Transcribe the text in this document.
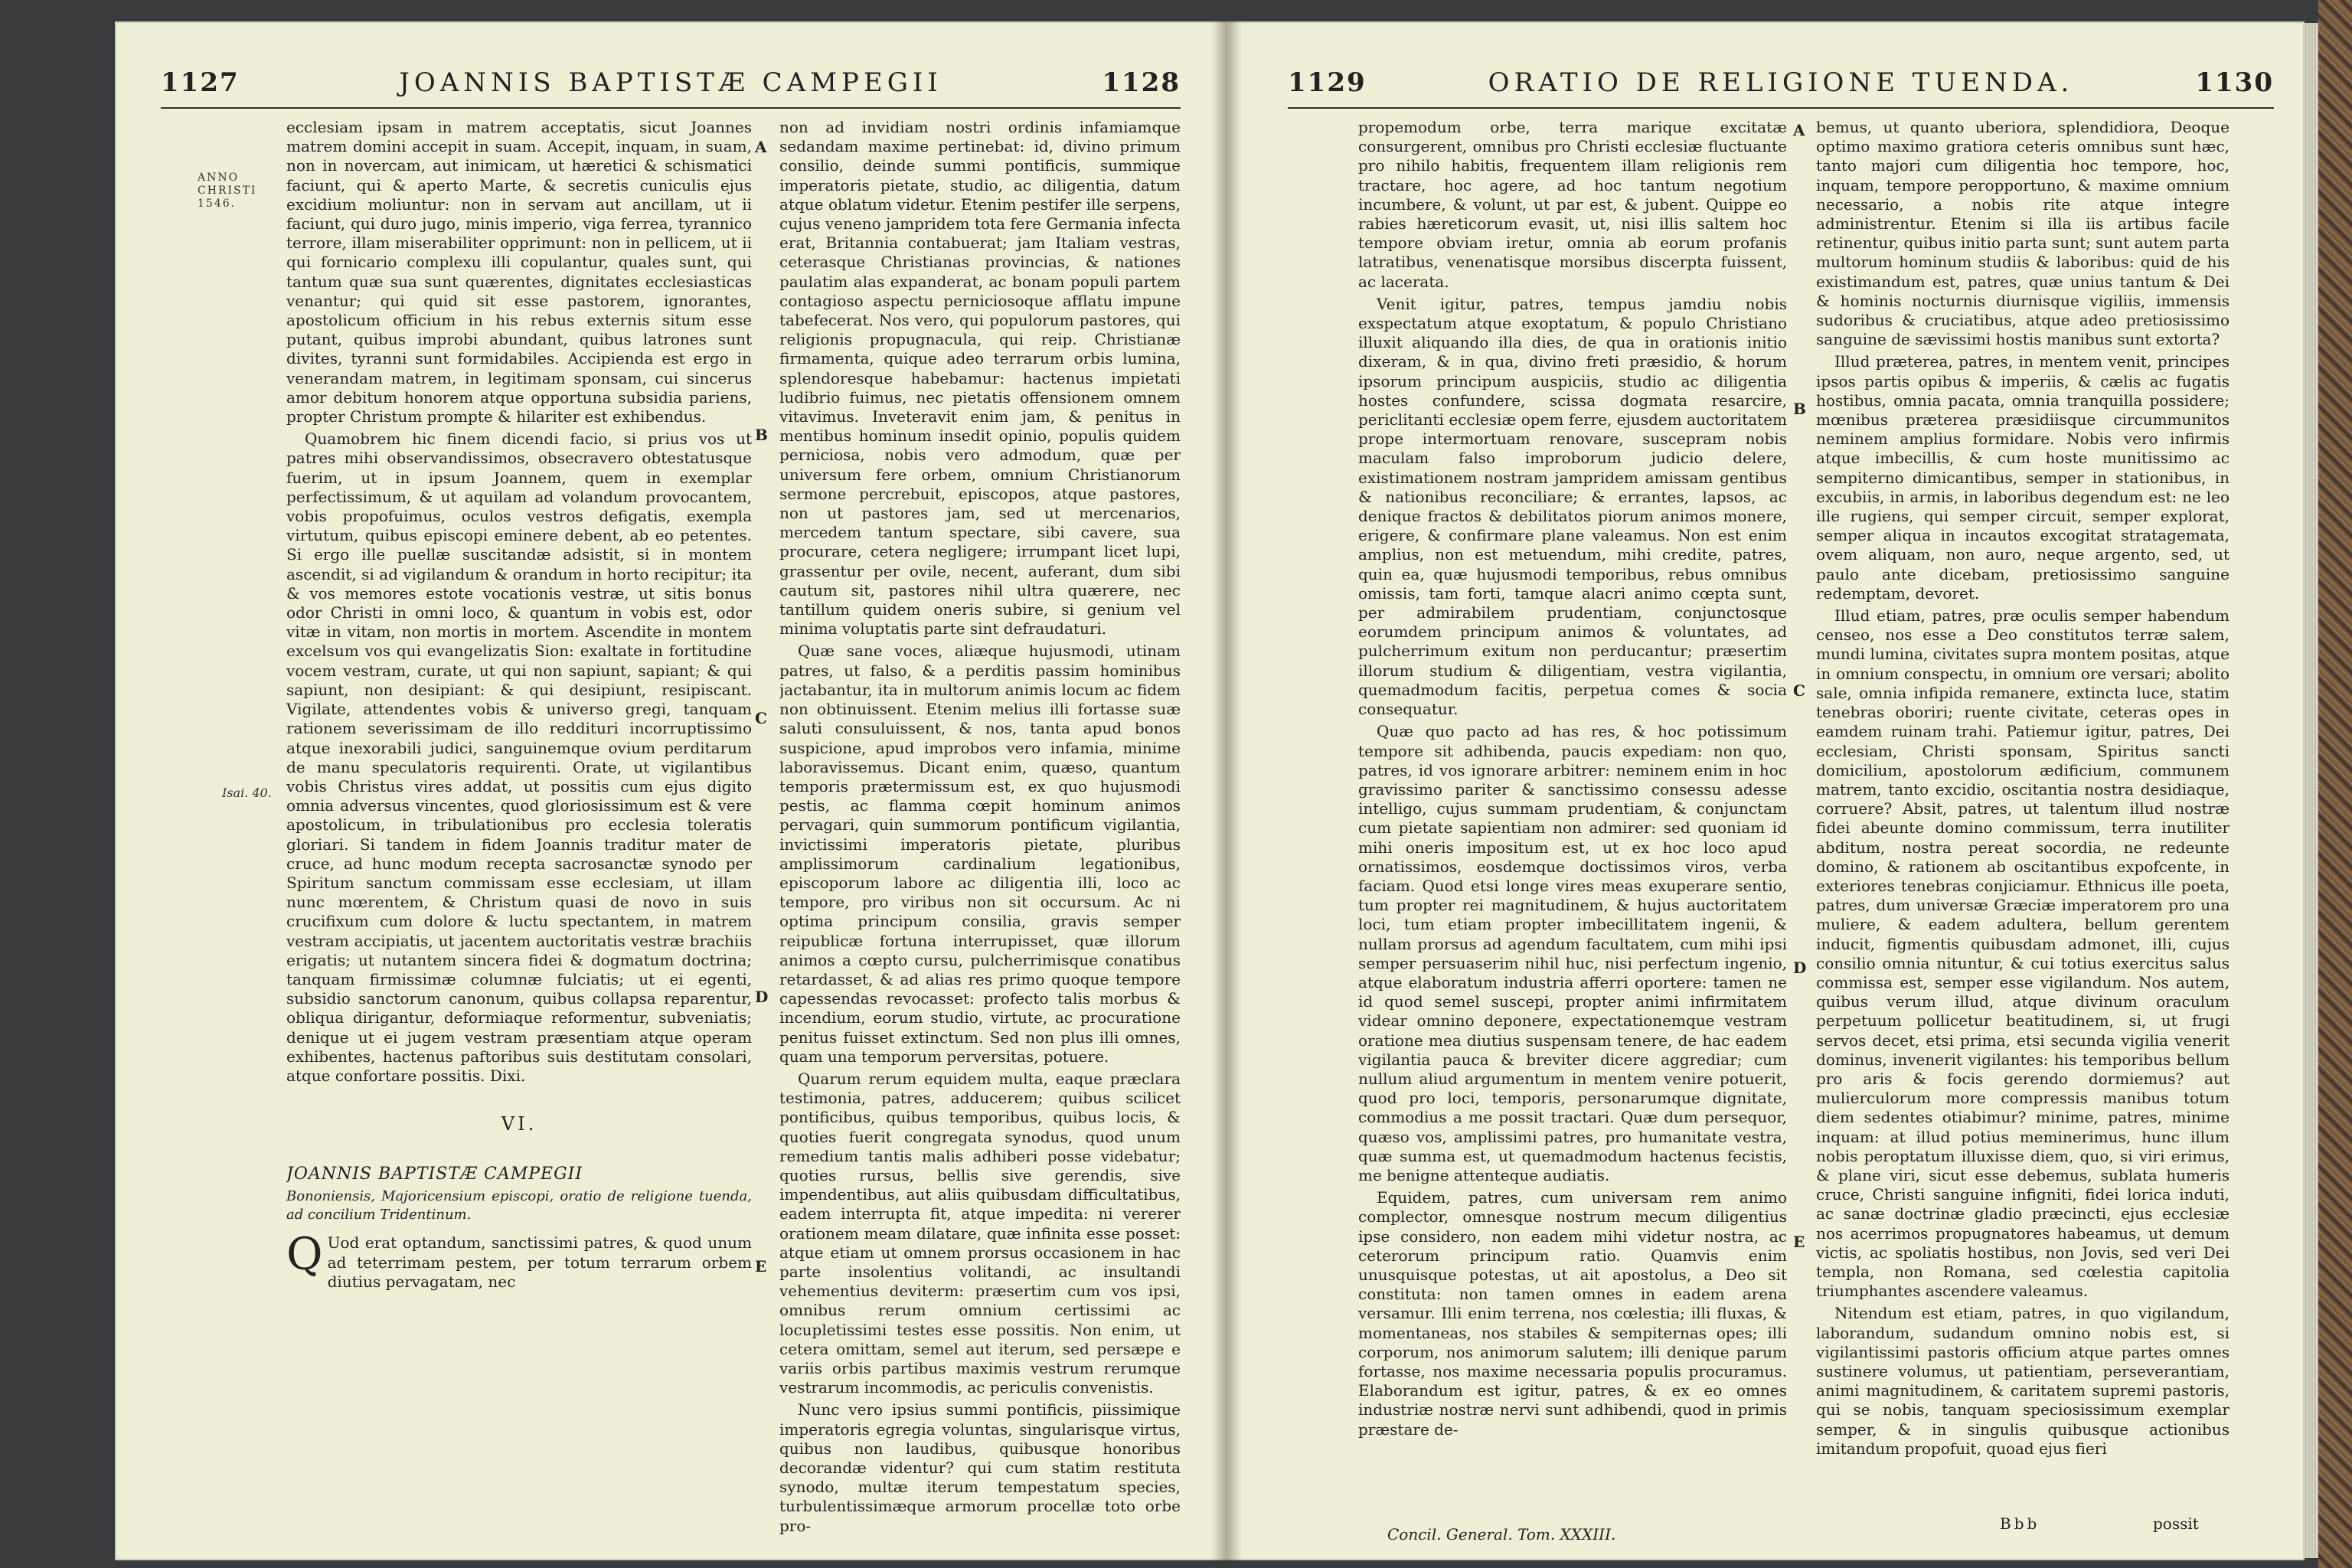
1127	JOANNIS BAPTISTÆ CAMPEGII	1128
ANNO
CHRISTI
1546.
Isai. 40.

ecclesiam ipsam in matrem acceptatis, sicut Joannes matrem domini accepit in suam. Accepit, inquam, in suam, non in novercam, aut inimicam, ut hæretici & schismatici faciunt, qui & aperto Marte, & secretis cuniculis ejus excidium moliuntur: non in servam aut ancillam, ut ii faciunt, qui duro jugo, minis imperio, viga ferrea, tyrannico terrore, illam miserabiliter opprimunt: non in pellicem, ut ii qui fornicario complexu illi copulantur, quales sunt, qui tantum quæ sua sunt quærentes, dignitates ecclesiasticas venantur; qui quid sit esse pastorem, ignorantes, apostolicum officium in his rebus externis situm esse putant, quibus improbi abundant, quibus latrones sunt divites, tyranni sunt formidabiles. Accipienda est ergo in venerandam matrem, in legitimam sponsam, cui sincerus amor debitum honorem atque opportuna subsidia pariens, propter Christum prompte & hilariter est exhibendus.

Quamobrem hic finem dicendi facio, si prius vos ut patres mihi observandissimos, obsecravero obtestatusque fuerim, ut in ipsum Joannem, quem in exemplar perfectissimum, & ut aquilam ad volandum provocantem, vobis propofuimus, oculos vestros defigatis, exempla virtutum, quibus episcopi eminere debent, ab eo petentes. Si ergo ille puellæ suscitandæ adsistit, si in montem ascendit, si ad vigilandum & orandum in horto recipitur; ita & vos memores estote vocationis vestræ, ut sitis bonus odor Christi in omni loco, & quantum in vobis est, odor vitæ in vitam, non mortis in mortem. Ascendite in montem excelsum vos qui evangelizatis Sion: exaltate in fortitudine vocem vestram, curate, ut qui non sapiunt, sapiant; & qui sapiunt, non desipiant: & qui desipiunt, resipiscant. Vigilate, attendentes vobis & universo gregi, tanquam rationem severissimam de illo reddituri incorruptissimo atque inexorabili judici, sanguinemque ovium perditarum de manu speculatoris requirenti. Orate, ut vigilantibus vobis Christus vires addat, ut possitis cum ejus digito omnia adversus vincentes, quod gloriosissimum est & vere apostolicum, in tribulationibus pro ecclesia toleratis gloriari. Si tandem in fidem Joannis traditur mater de cruce, ad hunc modum recepta sacrosanctæ synodo per Spiritum sanctum commissam esse ecclesiam, ut illam nunc mœrentem, & Christum quasi de novo in suis crucifixum cum dolore & luctu spectantem, in matrem vestram accipiatis, ut jacentem auctoritatis vestræ brachiis erigatis; ut nutantem sincera fidei & dogmatum doctrina; tanquam firmissimæ columnæ fulciatis; ut ei egenti, subsidio sanctorum canonum, quibus collapsa reparentur, obliqua dirigantur, deformiaque reformentur, subveniatis; denique ut ei jugem vestram præsentiam atque operam exhibentes, hactenus paftoribus suis destitutam consolari, atque confortare possitis. Dixi.

VI.
JOANNIS BAPTISTÆ CAMPEGII
Bononiensis, Majoricensium episcopi, oratio de religione tuenda, ad concilium Tridentinum.

Q Uod erat optandum, sanctissimi patres, & quod unum ad teterrimam pestem, per totum terrarum orbem diutius pervagatam, nec

A
B
C
D
E

non ad invidiam nostri ordinis infamiamque sedandam maxime pertinebat: id, divino primum consilio, deinde summi pontificis, summique imperatoris pietate, studio, ac diligentia, datum atque oblatum videtur. Etenim pestifer ille serpens, cujus veneno jampridem tota fere Germania infecta erat, Britannia contabuerat; jam Italiam vestras, ceterasque Christianas provincias, & nationes paulatim alas expanderat, ac bonam populi partem contagioso aspectu perniciosoque afflatu impune tabefecerat. Nos vero, qui populorum pastores, qui religionis propugnacula, qui reip. Christianæ firmamenta, quique adeo terrarum orbis lumina, splendoresque habebamur: hactenus impietati ludibrio fuimus, nec pietatis offensionem omnem vitavimus. Inveteravit enim jam, & penitus in mentibus hominum insedit opinio, populis quidem perniciosa, nobis vero admodum, quæ per universum fere orbem, omnium Christianorum sermone percrebuit, episcopos, atque pastores, non ut pastores jam, sed ut mercenarios, mercedem tantum spectare, sibi cavere, sua procurare, cetera negligere; irrumpant licet lupi, grassentur per ovile, necent, auferant, dum sibi cautum sit, pastores nihil ultra quærere, nec tantillum quidem oneris subire, si genium vel minima voluptatis parte sint defraudaturi.

Quæ sane voces, aliæque hujusmodi, utinam patres, ut falso, & a perditis passim hominibus jactabantur, ita in multorum animis locum ac fidem non obtinuissent. Etenim melius illi fortasse suæ saluti consuluissent, & nos, tanta apud bonos suspicione, apud improbos vero infamia, minime laboravissemus. Dicant enim, quæso, quantum temporis prætermissum est, ex quo hujusmodi pestis, ac flamma cœpit hominum animos pervagari, quin summorum pontificum vigilantia, invictissimi imperatoris pietate, pluribus amplissimorum cardinalium legationibus, episcoporum labore ac diligentia illi, loco ac tempore, pro viribus non sit occursum. Ac ni optima principum consilia, gravis semper reipublicæ fortuna interrupisset, quæ illorum animos a cœpto cursu, pulcherrimisque conatibus retardasset, & ad alias res primo quoque tempore capessendas revocasset: profecto talis morbus & incendium, eorum studio, virtute, ac procuratione penitus fuisset extinctum. Sed non plus illi omnes, quam una temporum perversitas, potuere.

Quarum rerum equidem multa, eaque præclara testimonia, patres, adducerem; quibus scilicet pontificibus, quibus temporibus, quibus locis, & quoties fuerit congregata synodus, quod unum remedium tantis malis adhiberi posse videbatur; quoties rursus, bellis sive gerendis, sive impendentibus, aut aliis quibusdam difficultatibus, eadem interrupta fit, atque impedita: ni vererer orationem meam dilatare, quæ infinita esse posset: atque etiam ut omnem prorsus occasionem in hac parte insolentius volitandi, ac insultandi vehementius deviterm: præsertim cum vos ipsi, omnibus rerum omnium certissimi ac locupletissimi testes esse possitis. Non enim, ut cetera omittam, semel aut iterum, sed persæpe e variis orbis partibus maximis vestrum rerumque vestrarum incommodis, ac periculis convenistis.

Nunc vero ipsius summi pontificis, piissimique imperatoris egregia voluntas, singularisque virtus, quibus non laudibus, quibusque honoribus decorandæ videntur? qui cum statim restituta synodo, multæ iterum tempestatum species, turbulentissimæque armorum procellæ toto orbe pro-

1129	ORATIO DE RELIGIONE TUENDA.	1130

propemodum orbe, terra marique excitatæ consurgerent, omnibus pro Christi ecclesiæ fluctuante pro nihilo habitis, frequentem illam religionis rem tractare, hoc agere, ad hoc tantum negotium incumbere, & volunt, ut par est, & jubent. Quippe eo rabies hæreticorum evasit, ut, nisi illis saltem hoc tempore obviam iretur, omnia ab eorum profanis latratibus, venenatisque morsibus discerpta fuissent, ac lacerata.

Venit igitur, patres, tempus jamdiu nobis exspectatum atque exoptatum, & populo Christiano illuxit aliquando illa dies, de qua in orationis initio dixeram, & in qua, divino freti præsidio, & horum ipsorum principum auspiciis, studio ac diligentia hostes confundere, scissa dogmata resarcire, periclitanti ecclesiæ opem ferre, ejusdem auctoritatem prope intermortuam renovare, suscepram nobis maculam falso improborum judicio delere, existimationem nostram jampridem amissam gentibus & nationibus reconciliare; & errantes, lapsos, ac denique fractos & debilitatos piorum animos monere, erigere, & confirmare plane valeamus. Non est enim amplius, non est metuendum, mihi credite, patres, quin ea, quæ hujusmodi temporibus, rebus omnibus omissis, tam forti, tamque alacri animo cœpta sunt, per admirabilem prudentiam, conjunctosque eorumdem principum animos & voluntates, ad pulcherrimum exitum non perducantur; præsertim illorum studium & diligentiam, vestra vigilantia, quemadmodum facitis, perpetua comes & socia consequatur.

Quæ quo pacto ad has res, & hoc potissimum tempore sit adhibenda, paucis expediam: non quo, patres, id vos ignorare arbitrer: neminem enim in hoc gravissimo pariter & sanctissimo consessu adesse intelligo, cujus summam prudentiam, & conjunctam cum pietate sapientiam non admirer: sed quoniam id mihi oneris impositum est, ut ex hoc loco apud ornatissimos, eosdemque doctissimos viros, verba faciam. Quod etsi longe vires meas exuperare sentio, tum propter rei magnitudinem, & hujus auctoritatem loci, tum etiam propter imbecillitatem ingenii, & nullam prorsus ad agendum facultatem, cum mihi ipsi semper persuaserim nihil huc, nisi perfectum ingenio, atque elaboratum industria afferri oportere: tamen ne id quod semel suscepi, propter animi infirmitatem videar omnino deponere, expectationemque vestram oratione mea diutius suspensam tenere, de hac eadem vigilantia pauca & breviter dicere aggrediar; cum nullum aliud argumentum in mentem venire potuerit, quod pro loci, temporis, personarumque dignitate, commodius a me possit tractari. Quæ dum persequor, quæso vos, amplissimi patres, pro humanitate vestra, quæ summa est, ut quemadmodum hactenus fecistis, me benigne attenteque audiatis.

Equidem, patres, cum universam rem animo complector, omnesque nostrum mecum diligentius ipse considero, non eadem mihi videtur nostra, ac ceterorum principum ratio. Quamvis enim unusquisque potestas, ut ait apostolus, a Deo sit constituta: non tamen omnes in eadem arena versamur. Illi enim terrena, nos cœlestia; illi fluxas, & momentaneas, nos stabiles & sempiternas opes; illi corporum, nos animorum salutem; illi denique parum fortasse, nos maxime necessaria populis procuramus. Elaborandum est igitur, patres, & ex eo omnes industriæ nostræ nervi sunt adhibendi, quod in primis præstare de-

A
B
C
D
E

bemus, ut quanto uberiora, splendidiora, Deoque optimo maximo gratiora ceteris omnibus sunt hæc, tanto majori cum diligentia hoc tempore, hoc, inquam, tempore peropportuno, & maxime omnium necessario, a nobis rite atque integre administrentur. Etenim si illa iis artibus facile retinentur, quibus initio parta sunt; sunt autem parta multorum hominum studiis & laboribus: quid de his existimandum est, patres, quæ unius tantum & Dei & hominis nocturnis diurnisque vigiliis, immensis sudoribus & cruciatibus, atque adeo pretiosissimo sanguine de sævissimi hostis manibus sunt extorta?

Illud præterea, patres, in mentem venit, principes ipsos partis opibus & imperiis, & cælis ac fugatis hostibus, omnia pacata, omnia tranquilla possidere; mœnibus præterea præsidiisque circummunitos neminem amplius formidare. Nobis vero infirmis atque imbecillis, & cum hoste munitissimo ac sempiterno dimicantibus, semper in stationibus, in excubiis, in armis, in laboribus degendum est: ne leo ille rugiens, qui semper circuit, semper explorat, semper aliqua in incautos excogitat stratagemata, ovem aliquam, non auro, neque argento, sed, ut paulo ante dicebam, pretiosissimo sanguine redemptam, devoret.

Illud etiam, patres, præ oculis semper habendum censeo, nos esse a Deo constitutos terræ salem, mundi lumina, civitates supra montem positas, atque in omnium conspectu, in omnium ore versari; abolito sale, omnia infipida remanere, extincta luce, statim tenebras oboriri; ruente civitate, ceteras opes in eamdem ruinam trahi. Patiemur igitur, patres, Dei ecclesiam, Christi sponsam, Spiritus sancti domicilium, apostolorum ædificium, communem matrem, tanto excidio, oscitantia nostra desidiaque, corruere? Absit, patres, ut talentum illud nostræ fidei abeunte domino commissum, terra inutiliter abditum, nostra pereat socordia, ne redeunte domino, & rationem ab oscitantibus expofcente, in exteriores tenebras conjiciamur. Ethnicus ille poeta, patres, dum universæ Græciæ imperatorem pro una muliere, & eadem adultera, bellum gerentem inducit, figmentis quibusdam admonet, illi, cujus consilio omnia nituntur, & cui totius exercitus salus commissa est, semper esse vigilandum. Nos autem, quibus verum illud, atque divinum oraculum perpetuum pollicetur beatitudinem, si, ut frugi servos decet, etsi prima, etsi secunda vigilia venerit dominus, invenerit vigilantes: his temporibus bellum pro aris & focis gerendo dormiemus? aut mulierculorum more compressis manibus totum diem sedentes otiabimur? minime, patres, minime inquam: at illud potius meminerimus, hunc illum nobis peroptatum illuxisse diem, quo, si viri erimus, & plane viri, sicut esse debemus, sublata humeris cruce, Christi sanguine infigniti, fidei lorica induti, ac sanæ doctrinæ gladio præcincti, ejus ecclesiæ nos acerrimos propugnatores habeamus, ut demum victis, ac spoliatis hostibus, non Jovis, sed veri Dei templa, non Romana, sed cœlestia capitolia triumphantes ascendere valeamus.

Nitendum est etiam, patres, in quo vigilandum, laborandum, sudandum omnino nobis est, si vigilantissimi pastoris officium atque partes omnes sustinere volumus, ut patientiam, perseverantiam, animi magnitudinem, & caritatem supremi pastoris, qui se nobis, tanquam speciosissimum exemplar semper, & in singulis quibusque actionibus imitandum propofuit, quoad ejus fieri

Concil. General. Tom. XXXIII.
Bbb	possit
